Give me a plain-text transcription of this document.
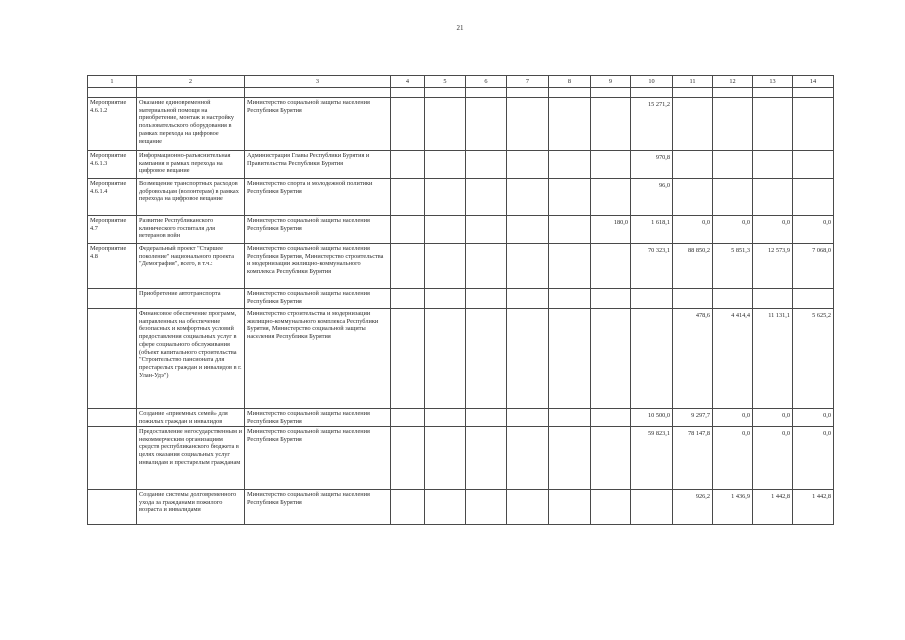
21
1	2	3	4	5	6	7	8	9	10	11	12	13	14

Мероприятие 4.6.1.2	Оказание единовременной материальной помощи на приобретение, монтаж и настройку пользовательского оборудования в рамках перехода на цифровое вещание	Министерство социальной защиты населения Республики Бурятия							15 271,2				
Мероприятие 4.6.1.3	Информационно-разъяснительная кампания в рамках перехода на цифровое вещание	Администрация Главы Республики Бурятия и Правительства Республики Бурятия							970,8				
Мероприятие 4.6.1.4	Возмещение транспортных расходов добровольцам (волонтерам) в рамках перехода на цифровое вещание	Министерство спорта и молодежной политики Республики Бурятия							96,0				
Мероприятие 4.7	Развитие Республиканского клинического госпиталя для ветеранов войн	Министерство социальной защиты населения Республики Бурятия						180,0	1 618,1	0,0	0,0	0,0	0,0
Мероприятие 4.8	Федеральный проект "Старшее поколение" национального проекта "Демография", всего, в т.ч.:	Министерство социальной защиты населения Республики Бурятия, Министерство строительства и модернизации жилищно-коммунального комплекса Республики Бурятия							70 323,1	88 850,2	5 851,3	12 573,9	7 068,0
	Приобретение автотранспорта	Министерство социальной защиты населения Республики Бурятия											
	Финансовое обеспечение программ, направленных на обеспечение безопасных и комфортных условий предоставления социальных услуг в сфере социального обслуживания (объект капитального строительства "Строительство пансионата для престарелых граждан и инвалидов в г. Улан-Удэ")	Министерство строительства и модернизации жилищно-коммунального комплекса Республики Бурятия, Министерство социальной защиты населения Республики Бурятия								478,6	4 414,4	11 131,1	5 625,2
	Создание «приемных семей» для пожилых граждан и инвалидов	Министерство социальной защиты населения Республики Бурятия							10 500,0	9 297,7	0,0	0,0	0,0
	Предоставление негосударственным и некоммерческим организациям средств республиканского бюджета в целях оказания социальных услуг инвалидам и престарелым гражданам	Министерство социальной защиты населения Республики Бурятия							59 823,1	78 147,8	0,0	0,0	0,0
	Создание системы долговременного ухода за гражданами пожилого возраста и инвалидами	Министерство социальной защиты населения Республики Бурятия								926,2	1 436,9	1 442,8	1 442,8
